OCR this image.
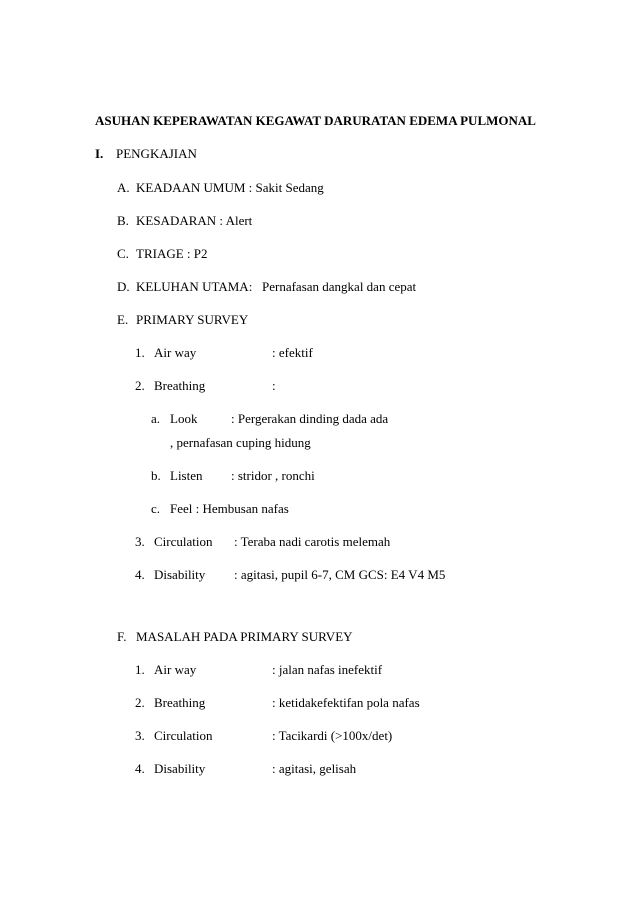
ASUHAN KEPERAWATAN KEGAWAT DARURATAN EDEMA PULMONAL
I. PENGKAJIAN
A. KEADAAN UMUM : Sakit Sedang
B. KESADARAN : Alert
C. TRIAGE : P2
D. KELUHAN UTAMA: Pernafasan dangkal dan cepat
E. PRIMARY SURVEY
1. Air way	: efektif
2. Breathing	:
a. Look	: Pergerakan dinding dada ada
, pernafasan cuping hidung
b. Listen : stridor , ronchi
c. Feel : Hembusan nafas
3. Circulation : Teraba nadi carotis melemah
4. Disability : agitasi, pupil 6-7, CM GCS: E4 V4 M5
F. MASALAH PADA PRIMARY SURVEY
1. Air way	: jalan nafas inefektif
2. Breathing	: ketidakefektifan pola nafas
3. Circulation	: Tacikardi (>100x/det)
4. Disability	: agitasi, gelisah
